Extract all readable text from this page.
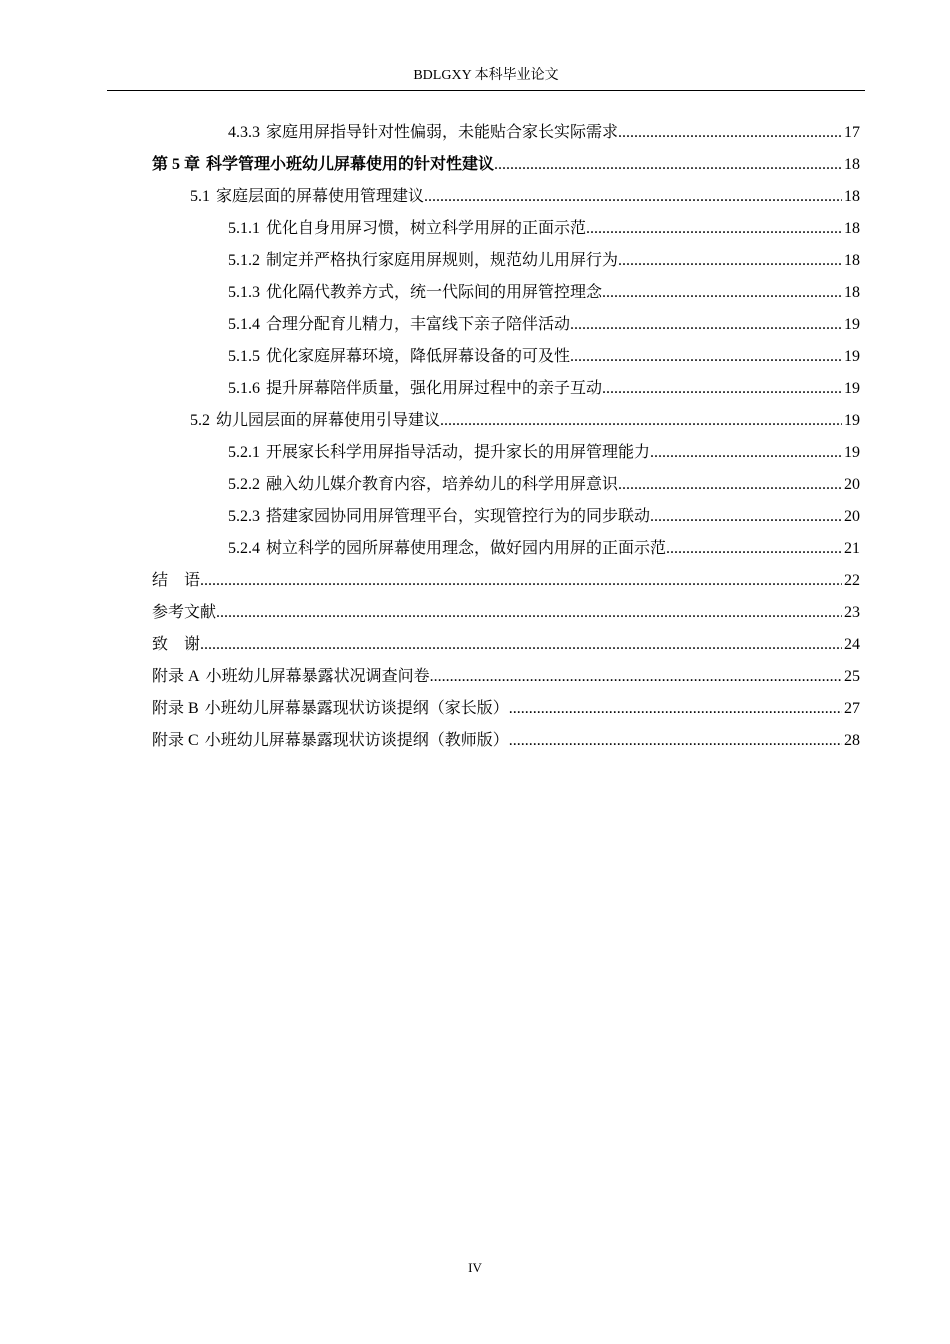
BDLGXY 本科毕业论文
4.3.3 家庭用屏指导针对性偏弱，未能贴合家长实际需求 .....	17
第 5 章 科学管理小班幼儿屏幕使用的针对性建议 .....	18
5.1 家庭层面的屏幕使用管理建议 .....	18
5.1.1 优化自身用屏习惯，树立科学用屏的正面示范 .....	18
5.1.2 制定并严格执行家庭用屏规则，规范幼儿用屏行为 .....	18
5.1.3 优化隔代教养方式，统一代际间的用屏管控理念 .....	18
5.1.4 合理分配育儿精力，丰富线下亲子陪伴活动 .....	19
5.1.5 优化家庭屏幕环境，降低屏幕设备的可及性 .....	19
5.1.6 提升屏幕陪伴质量，强化用屏过程中的亲子互动 .....	19
5.2 幼儿园层面的屏幕使用引导建议 .....	19
5.2.1 开展家长科学用屏指导活动，提升家长的用屏管理能力 .....	19
5.2.2 融入幼儿媒介教育内容，培养幼儿的科学用屏意识 .....	20
5.2.3 搭建家园协同用屏管理平台，实现管控行为的同步联动 .....	20
5.2.4 树立科学的园所屏幕使用理念，做好园内用屏的正面示范 .....	21
结　语 .....	22
参考文献 .....	23
致　谢 .....	24
附录 A 小班幼儿屏幕暴露状况调查问卷 .....	25
附录 B 小班幼儿屏幕暴露现状访谈提纲（家长版） .....	27
附录 C 小班幼儿屏幕暴露现状访谈提纲（教师版） .....	28
IV
